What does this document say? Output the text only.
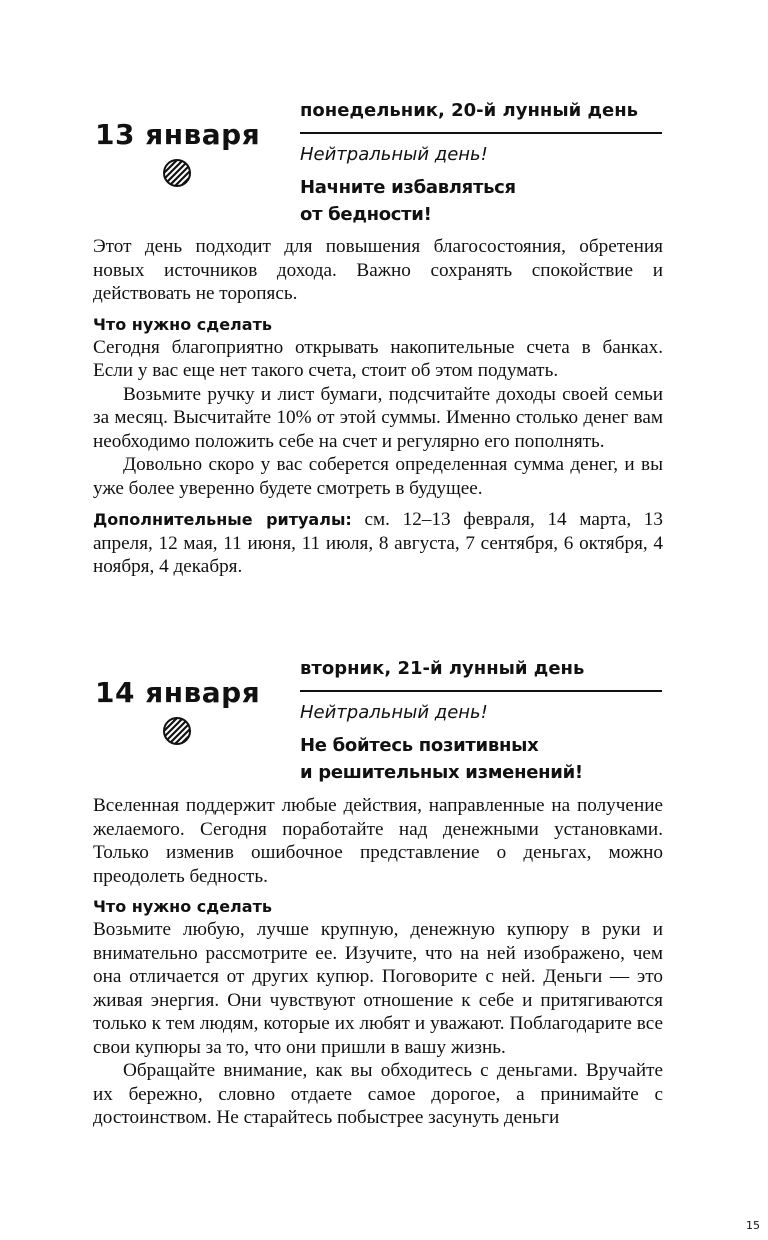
13 января
понедельник, 20-й лунный день
Нейтральный день!
Начните избавляться
от бедности!

Этот день подходит для повышения благосостояния, обретения новых источников дохода. Важно сохранять спокойствие и действовать не торопясь.

Что нужно сделать

Сегодня благоприятно открывать накопительные счета в банках. Если у вас еще нет такого счета, стоит об этом подумать.

Возьмите ручку и лист бумаги, подсчитайте доходы своей семьи за месяц. Высчитайте 10% от этой суммы. Именно столько денег вам необходимо положить себе на счет и регулярно его пополнять.

Довольно скоро у вас соберется определенная сумма денег, и вы уже более уверенно будете смотреть в будущее.

Дополнительные ритуалы: см. 12–13 февраля, 14 марта, 13 апреля, 12 мая, 11 июня, 11 июля, 8 августа, 7 сентября, 6 октября, 4 ноября, 4 декабря.

14 января
вторник, 21-й лунный день
Нейтральный день!
Не бойтесь позитивных
и решительных изменений!

Вселенная поддержит любые действия, направленные на получение желаемого. Сегодня поработайте над денежными установками. Только изменив ошибочное представление о деньгах, можно преодолеть бедность.

Что нужно сделать

Возьмите любую, лучше крупную, денежную купюру в руки и внимательно рассмотрите ее. Изучите, что на ней изображено, чем она отличается от других купюр. Поговорите с ней. Деньги — это живая энергия. Они чувствуют отношение к себе и притягиваются только к тем людям, которые их любят и уважают. Поблагодарите все свои купюры за то, что они пришли в вашу жизнь.

Обращайте внимание, как вы обходитесь с деньгами. Вручайте их бережно, словно отдаете самое дорогое, а принимайте с достоинством. Не старайтесь побыстрее засунуть деньги

15
